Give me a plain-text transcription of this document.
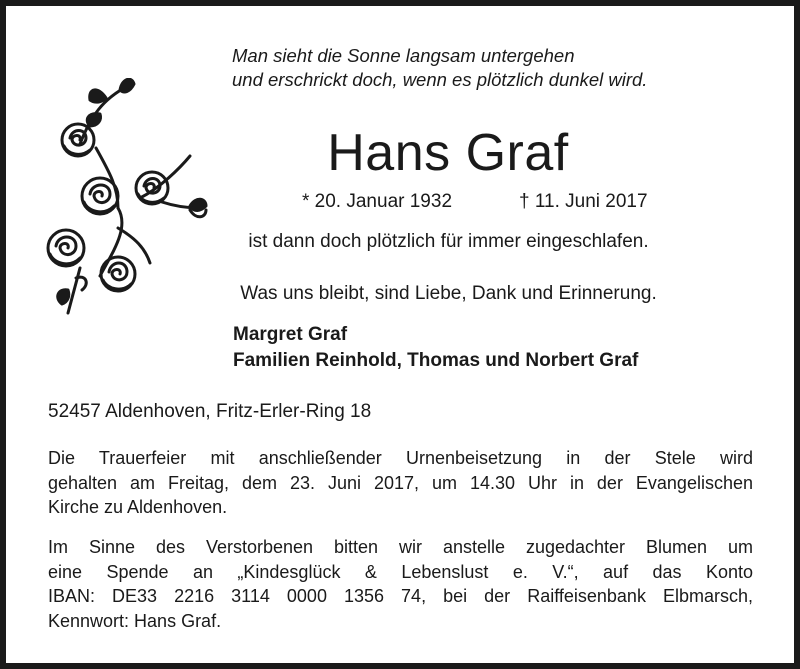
Man sieht die Sonne langsam untergehen
und erschrickt doch, wenn es plötzlich dunkel wird.
Hans Graf
* 20. Januar 1932	† 11. Juni 2017
ist dann doch plötzlich für immer eingeschlafen.
Was uns bleibt, sind Liebe, Dank und Erinnerung.
Margret Graf
Familien Reinhold, Thomas und Norbert Graf
52457 Aldenhoven, Fritz-Erler-Ring 18
Die Trauerfeier mit anschließender Urnenbeisetzung in der Stele wird
gehalten am Freitag, dem 23. Juni 2017, um 14.30 Uhr in der Evangelischen
Kirche zu Aldenhoven.
Im Sinne des Verstorbenen bitten wir anstelle zugedachter Blumen um
eine Spende an „Kindesglück & Lebenslust e. V.“, auf das Konto
IBAN: DE33 2216 3114 0000 1356 74, bei der Raiffeisenbank Elbmarsch,
Kennwort: Hans Graf.
